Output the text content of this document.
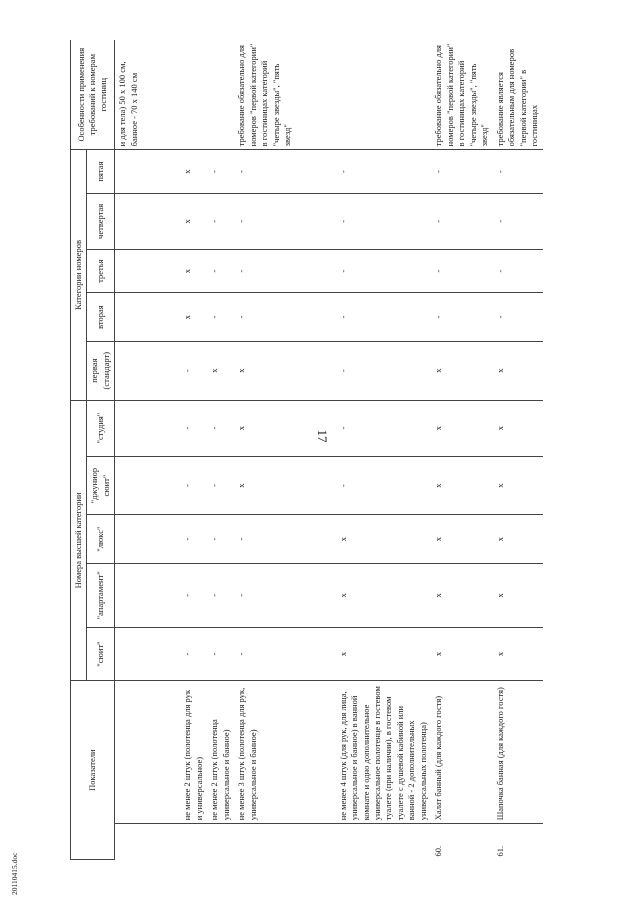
17
20110415.doc
Показатели		Номера высшей категории					Категории номеров					Особенности применения требований к номерам гостиниц
		"сюит"	"апартамент"	"люкс"	"джуниор сюит"	"студия"	первая (стандарт)	вторая	третья	четвертая	пятая	
												и для тела) 50 х 100 см, банное - 70 х 140 см
	не менее 2 штук (полотенца для рук и универсальное)	-	-	-	-	-	-	х	х	х	х	
	не менее 2 штук (полотенца универсальное и банное)	-	-	-	-	-	х	-	-	-	-	
	не менее 3 штук (полотенца для рук, универсальное и банное)	-	-	-	х	х	х	-	-	-	-	требование обязательно для номеров "первой категории" в гостиницах категорий "четыре звезды", "пять звезд"
	не менее 4 штук (для рук, для лица, универсальное и банное) в ванной комнате и одно дополнительное универсальное полотенце в гостевом туалете (при наличии), в гостевом туалете с душевой кабиной или ванной - 2 дополнительных универсальных полотенца)	х	х	х	-	-	-	-	-	-	-	
60.	Халат банный (для каждого гостя)	х	х	х	х	х	х	-	-	-	-	требование обязательно для номеров "первой категории" в гостиницах категорий "четыре звезды", "пять звезд"
61.	Шапочка банная (для каждого гостя)	х	х	х	х	х	х	-	-	-	-	требование является обязательным для номеров "первой категории" в гостиницах
